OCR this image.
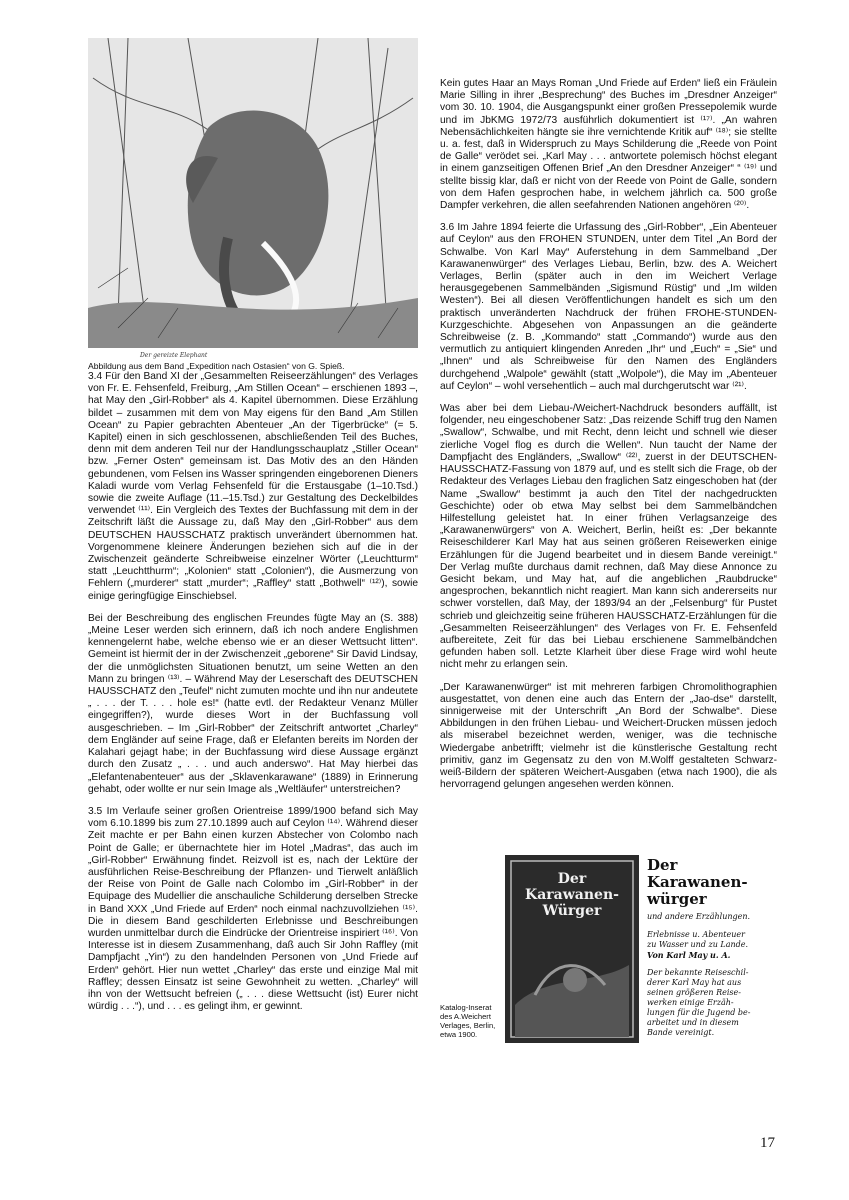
Der gereizte Elephant
Abbildung aus dem Band „Expedition nach Ostasien“ von G. Spieß.

3.4 Für den Band XI der „Gesammelten Reiseerzählungen“ des Verlages von Fr. E. Fehsenfeld, Freiburg, „Am Stillen Ocean“ – erschienen 1893 –, hat May den „Girl-Robber“ als 4. Kapitel übernommen. Diese Erzählung bildet – zusammen mit dem von May eigens für den Band „Am Stillen Ocean“ zu Papier gebrachten Abenteuer „An der Tigerbrücke“ (= 5. Kapitel) einen in sich geschlossenen, abschließenden Teil des Buches, denn mit dem anderen Teil nur der Handlungsschauplatz „Stiller Ocean“ bzw. „Ferner Osten“ gemeinsam ist. Das Motiv des an den Händen gebundenen, vom Felsen ins Wasser springenden eingeborenen Dieners Kaladi wurde vom Verlag Fehsenfeld für die Erstausgabe (1–10.Tsd.) sowie die zweite Auflage (11.–15.Tsd.) zur Gestaltung des Deckelbildes verwendet ⁽¹¹⁾. Ein Vergleich des Textes der Buchfassung mit dem in der Zeitschrift läßt die Aussage zu, daß May den „Girl-Robber“ aus dem DEUTSCHEN HAUSSCHATZ praktisch unverändert übernommen hat. Vorgenommene kleinere Änderungen beziehen sich auf die in der Zwischenzeit geänderte Schreibweise einzelner Wörter („Leuchtturm“ statt „Leuchtthurm“; „Kolonien“ statt „Colonien“), die Ausmerzung von Fehlern („murderer“ statt „murder“; „Raffley“ statt „Bothwell“ ⁽¹²⁾), sowie einige geringfügige Einschiebsel.

Bei der Beschreibung des englischen Freundes fügte May an (S. 388) „Meine Leser werden sich erinnern, daß ich noch andere Englishmen kennengelernt habe, welche ebenso wie er an dieser Wettsucht litten“. Gemeint ist hiermit der in der Zwischenzeit „geborene“ Sir David Lindsay, der die unmöglichsten Situationen benutzt, um seine Wetten an den Mann zu bringen ⁽¹³⁾. – Während May der Leserschaft des DEUTSCHEN HAUSSCHATZ den „Teufel“ nicht zumuten mochte und ihn nur andeutete „ . . . der T. . . . hole es!“ (hatte evtl. der Redakteur Venanz Müller eingegriffen?), wurde dieses Wort in der Buchfassung voll ausgeschrieben. – Im „Girl-Robber“ der Zeitschrift antwortet „Charley“ dem Engländer auf seine Frage, daß er Elefanten bereits im Norden der Kalahari gejagt habe; in der Buchfassung wird diese Aussage ergänzt durch den Zusatz „ . . . und auch anderswo“. Hat May hierbei das „Elefantenabenteuer“ aus der „Sklavenkarawane“ (1889) in Erinnerung gehabt, oder wollte er nur sein Image als „Weltläufer“ unterstreichen?

3.5 Im Verlaufe seiner großen Orientreise 1899/1900 befand sich May vom 6.10.1899 bis zum 27.10.1899 auch auf Ceylon ⁽¹⁴⁾. Während dieser Zeit machte er per Bahn einen kurzen Abstecher von Colombo nach Point de Galle; er übernachtete hier im Hotel „Madras“, das auch im „Girl-Robber“ Erwähnung findet. Reizvoll ist es, nach der Lektüre der ausführlichen Reise-Beschreibung der Pflanzen- und Tierwelt anläßlich der Reise von Point de Galle nach Colombo im „Girl-Robber“ in der Equipage des Mudellier die anschauliche Schilderung derselben Strecke in Band XXX „Und Friede auf Erden“ noch einmal nachzuvollziehen ⁽¹⁵⁾. Die in diesem Band geschilderten Erlebnisse und Beschreibungen wurden unmittelbar durch die Eindrücke der Orientreise inspiriert ⁽¹⁶⁾. Von Interesse ist in diesem Zusammenhang, daß auch Sir John Raffley (mit Dampfjacht „Yin“) zu den handelnden Personen von „Und Friede auf Erden“ gehört. Hier nun wettet „Charley“ das erste und einzige Mal mit Raffley; dessen Einsatz ist seine Gewohnheit zu wetten. „Charley“ will ihn von der Wettsucht befreien („ . . . diese Wettsucht (ist) Eurer nicht würdig . . .“), und . . . es gelingt ihm, er gewinnt.

Kein gutes Haar an Mays Roman „Und Friede auf Erden“ ließ ein Fräulein Marie Silling in ihrer „Besprechung“ des Buches im „Dresdner Anzeiger“ vom 30. 10. 1904, die Ausgangspunkt einer großen Pressepolemik wurde und im JbKMG 1972/73 ausführlich dokumentiert ist ⁽¹⁷⁾. „An wahren Nebensächlichkeiten hängte sie ihre vernichtende Kritik auf“ ⁽¹⁸⁾; sie stellte u. a. fest, daß in Widerspruch zu Mays Schilderung die „Reede von Point de Galle“ verödet sei. „Karl May . . . antwortete polemisch höchst elegant in einem ganzseitigen Offenen Brief „An den Dresdner Anzeiger“ “ ⁽¹⁹⁾ und stellte bissig klar, daß er nicht von der Reede von Point de Galle, sondern von dem Hafen gesprochen habe, in welchem jährlich ca. 500 große Dampfer verkehren, die allen seefahrenden Nationen angehören ⁽²⁰⁾.

3.6 Im Jahre 1894 feierte die Urfassung des „Girl-Robber“, „Ein Abenteuer auf Ceylon“ aus den FROHEN STUNDEN, unter dem Titel „An Bord der Schwalbe. Von Karl May“ Auferstehung in dem Sammelband „Der Karawanenwürger“ des Verlages Liebau, Berlin, bzw. des A. Weichert Verlages, Berlin (später auch in den im Weichert Verlage herausgegebenen Sammelbänden „Sigismund Rüstig“ und „Im wilden Westen“). Bei all diesen Veröffentlichungen handelt es sich um den praktisch unveränderten Nachdruck der frühen FROHE-STUNDEN-Kurzgeschichte. Abgesehen von Anpassungen an die geänderte Schreibweise (z. B. „Kommando“ statt „Commando“) wurde aus den vermutlich zu antiquiert klingenden Anreden „Ihr“ und „Euch“ = „Sie“ und „Ihnen“ und als Schreibweise für den Namen des Engländers durchgehend „Walpole“ gewählt (statt „Wolpole“), die May im „Abenteuer auf Ceylon“ – wohl versehentlich – auch mal durchgerutscht war ⁽²¹⁾.

Was aber bei dem Liebau-/Weichert-Nachdruck besonders auffällt, ist folgender, neu eingeschobener Satz: „Das reizende Schiff trug den Namen „Swallow“, Schwalbe, und mit Recht, denn leicht und schnell wie dieser zierliche Vogel flog es durch die Wellen“. Nun taucht der Name der Dampfjacht des Engländers, „Swallow“ ⁽²²⁾, zuerst in der DEUTSCHEN-HAUSSCHATZ-Fassung von 1879 auf, und es stellt sich die Frage, ob der Redakteur des Verlages Liebau den fraglichen Satz eingeschoben hat (der Name „Swallow“ bestimmt ja auch den Titel der nachgedruckten Geschichte) oder ob etwa May selbst bei dem Sammelbändchen Hilfestellung geleistet hat. In einer frühen Verlagsanzeige des „Karawanenwürgers“ von A. Weichert, Berlin, heißt es: „Der bekannte Reiseschilderer Karl May hat aus seinen größeren Reisewerken einige Erzählungen für die Jugend bearbeitet und in diesem Bande vereinigt.“ Der Verlag mußte durchaus damit rechnen, daß May diese Annonce zu Gesicht bekam, und May hat, auf die angeblichen „Raubdrucke“ angesprochen, bekanntlich nicht reagiert. Man kann sich andererseits nur schwer vorstellen, daß May, der 1893/94 an der „Felsenburg“ für Pustet schrieb und gleichzeitig seine früheren HAUSSCHATZ-Erzählungen für die „Gesammelten Reiseerzählungen“ des Verlages von Fr. E. Fehsenfeld aufbereitete, Zeit für das bei Liebau erschienene Sammelbändchen gefunden haben soll. Letzte Klarheit über diese Frage wird wohl heute nicht mehr zu erlangen sein.

„Der Karawanenwürger“ ist mit mehreren farbigen Chromolithographien ausgestattet, von denen eine auch das Entern der „Jao-dse“ darstellt, sinnigerweise mit der Unterschrift „An Bord der Schwalbe“. Diese Abbildungen in den frühen Liebau- und Weichert-Drucken müssen jedoch als miserabel bezeichnet werden, weniger, was die technische Wiedergabe anbetrifft; vielmehr ist die künstlerische Gestaltung recht primitiv, ganz im Gegensatz zu den von M.Wolff gestalteten Schwarz-weiß-Bildern der späteren Weichert-Ausgaben (etwa nach 1900), die als hervorragend gelungen angesehen werden können.

Der Karawanen-Würger
Der Karawanen-würger
und andere Erzählungen.
Erlebnisse u. Abenteuer
zu Wasser und zu Lande.
Von Karl May u. A.
Der bekannte Reiseschil-
derer Karl May hat aus
seinen größeren Reise-
werken einige Erzäh-
lungen für die Jugend be-
arbeitet und in diesem
Bande vereinigt.
Katalog-Inserat des A.Weichert Verlages, Berlin, etwa 1900.
17
